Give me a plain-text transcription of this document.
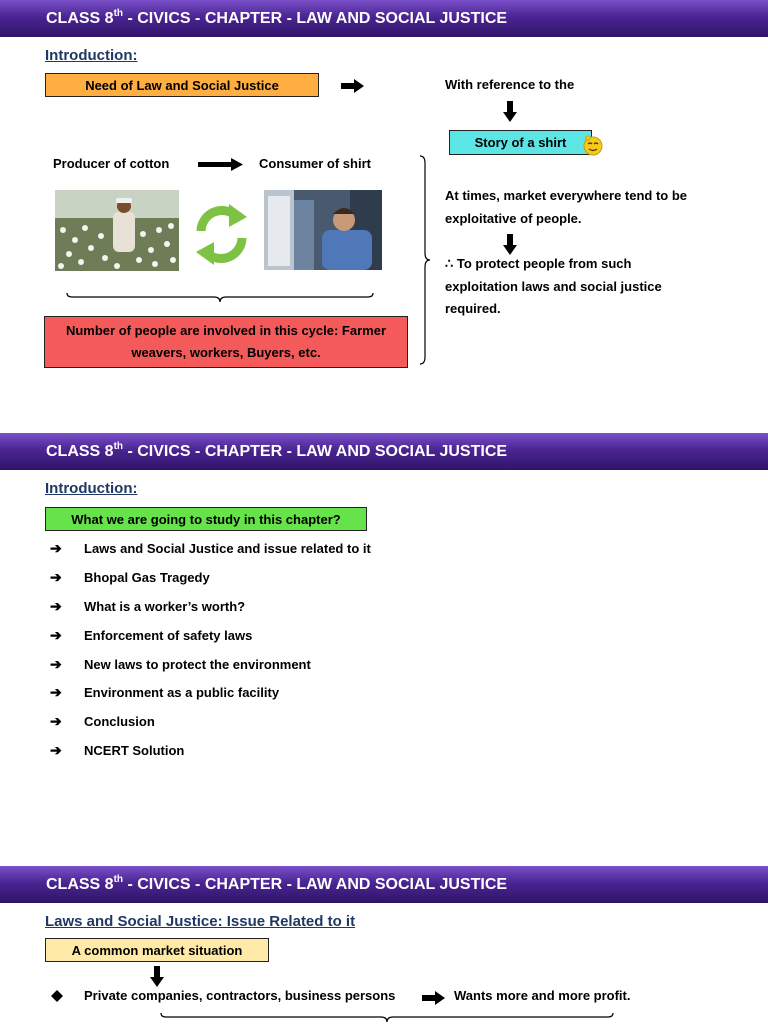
CLASS 8th - CIVICS - CHAPTER - LAW AND SOCIAL JUSTICE
Introduction:
Need of Law and Social Justice	With reference to the
Story of a shirt
Producer of cotton	Consumer of shirt
Number of people are involved in this cycle: Farmer weavers, workers, Buyers, etc.
At times, market everywhere tend to be exploitative of people.
∴ To protect people from such exploitation laws and social justice required.
CLASS 8th - CIVICS - CHAPTER - LAW AND SOCIAL JUSTICE
Introduction:
What we are going to study in this chapter?
➔ Laws and Social Justice and issue related to it
➔ Bhopal Gas Tragedy
➔ What is a worker’s worth?
➔ Enforcement of safety laws
➔ New laws to protect the environment
➔ Environment as a public facility
➔ Conclusion
➔ NCERT Solution
CLASS 8th - CIVICS - CHAPTER - LAW AND SOCIAL JUSTICE
Laws and Social Justice: Issue Related to it
A common market situation
Private companies, contractors, business persons	Wants more and more profit.
